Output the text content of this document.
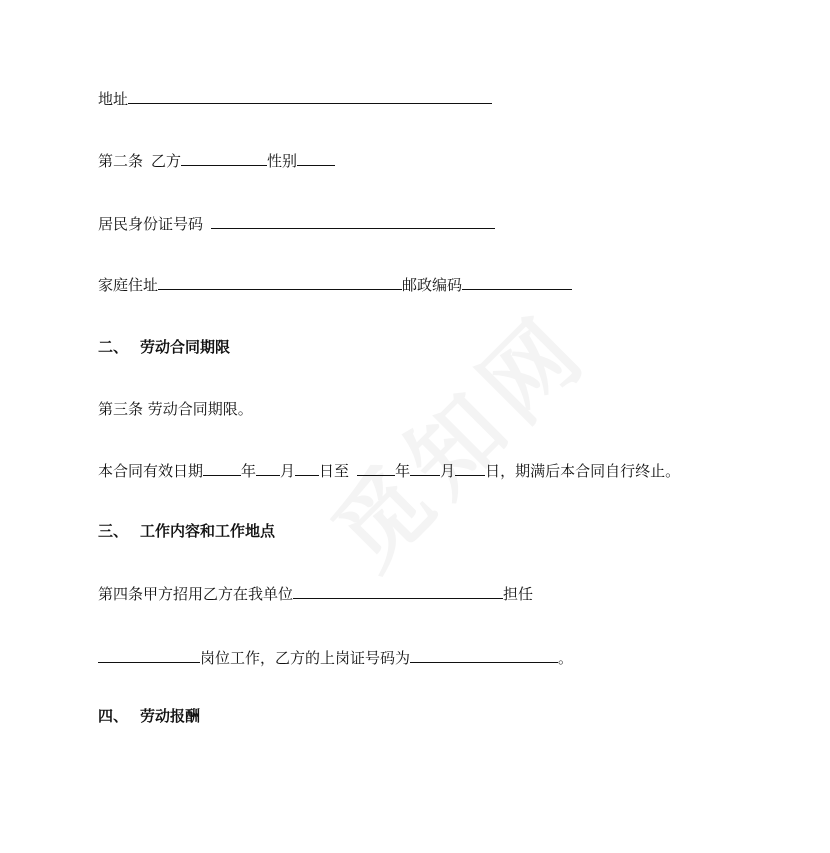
地址
第二条 乙方	性别
居民身份证号码
家庭住址	邮政编码
二、 劳动合同期限
第三条 劳动合同期限。
本合同有效日期	年 月 日至	年 月 日，期满后本合同自行终止。
三、 工作内容和工作地点
第四条甲方招用乙方在我单位	担任
岗位工作，乙方的上岗证号码为	。
四、 劳动报酬
